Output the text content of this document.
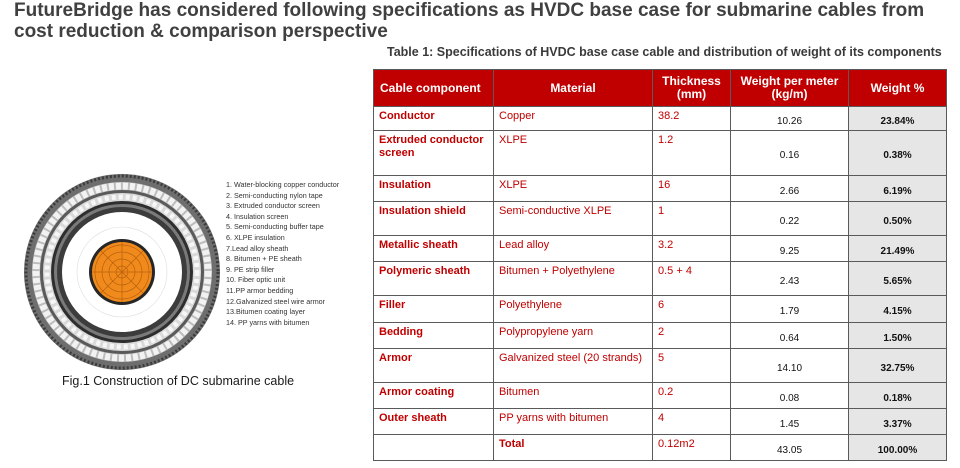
FutureBridge has considered following specifications as HVDC base case for submarine cables from cost reduction & comparison perspective
1. Water-blocking copper conductor
2. Semi-conducting nylon tape
3. Extruded conductor screen
4. Insulation screen
5. Semi-conducting buffer tape
6. XLPE insulation
7.Lead alloy sheath
8. Bitumen + PE sheath
9. PE strip filler
10. Fiber optic unit
11.PP armor bedding
12.Galvanized steel wire armor
13.Bitumen coating layer
14. PP yarns with bitumen
Fig.1 Construction of DC submarine cable
Table 1: Specifications of HVDC base case cable and distribution of weight of its components
Cable component	Material	Thickness (mm)	Weight per meter (kg/m)	Weight %
Conductor	Copper	38.2	10.26	23.84%
Extruded conductor screen	XLPE	1.2	0.16	0.38%
Insulation	XLPE	16	2.66	6.19%
Insulation shield	Semi-conductive XLPE	1	0.22	0.50%
Metallic sheath	Lead alloy	3.2	9.25	21.49%
Polymeric sheath	Bitumen + Polyethylene	0.5 + 4	2.43	5.65%
Filler	Polyethylene	6	1.79	4.15%
Bedding	Polypropylene yarn	2	0.64	1.50%
Armor	Galvanized steel (20 strands)	5	14.10	32.75%
Armor coating	Bitumen	0.2	0.08	0.18%
Outer sheath	PP yarns with bitumen	4	1.45	3.37%
	Total	0.12m2	43.05	100.00%
